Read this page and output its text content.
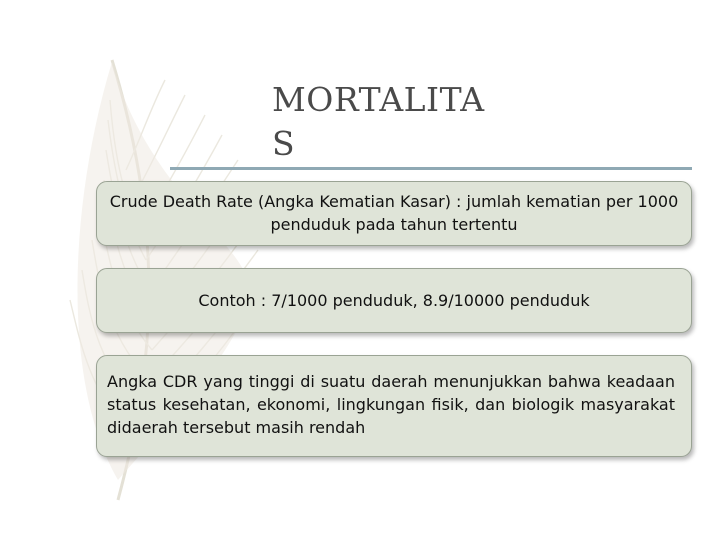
MORTALITA
S
Crude Death Rate (Angka Kematian Kasar) : jumlah kematian per 1000 penduduk pada tahun tertentu
Contoh : 7/1000 penduduk, 8.9/10000 penduduk
Angka CDR yang tinggi di suatu daerah menunjukkan bahwa keadaan status kesehatan, ekonomi, lingkungan fisik, dan biologik masyarakat didaerah tersebut masih rendah
